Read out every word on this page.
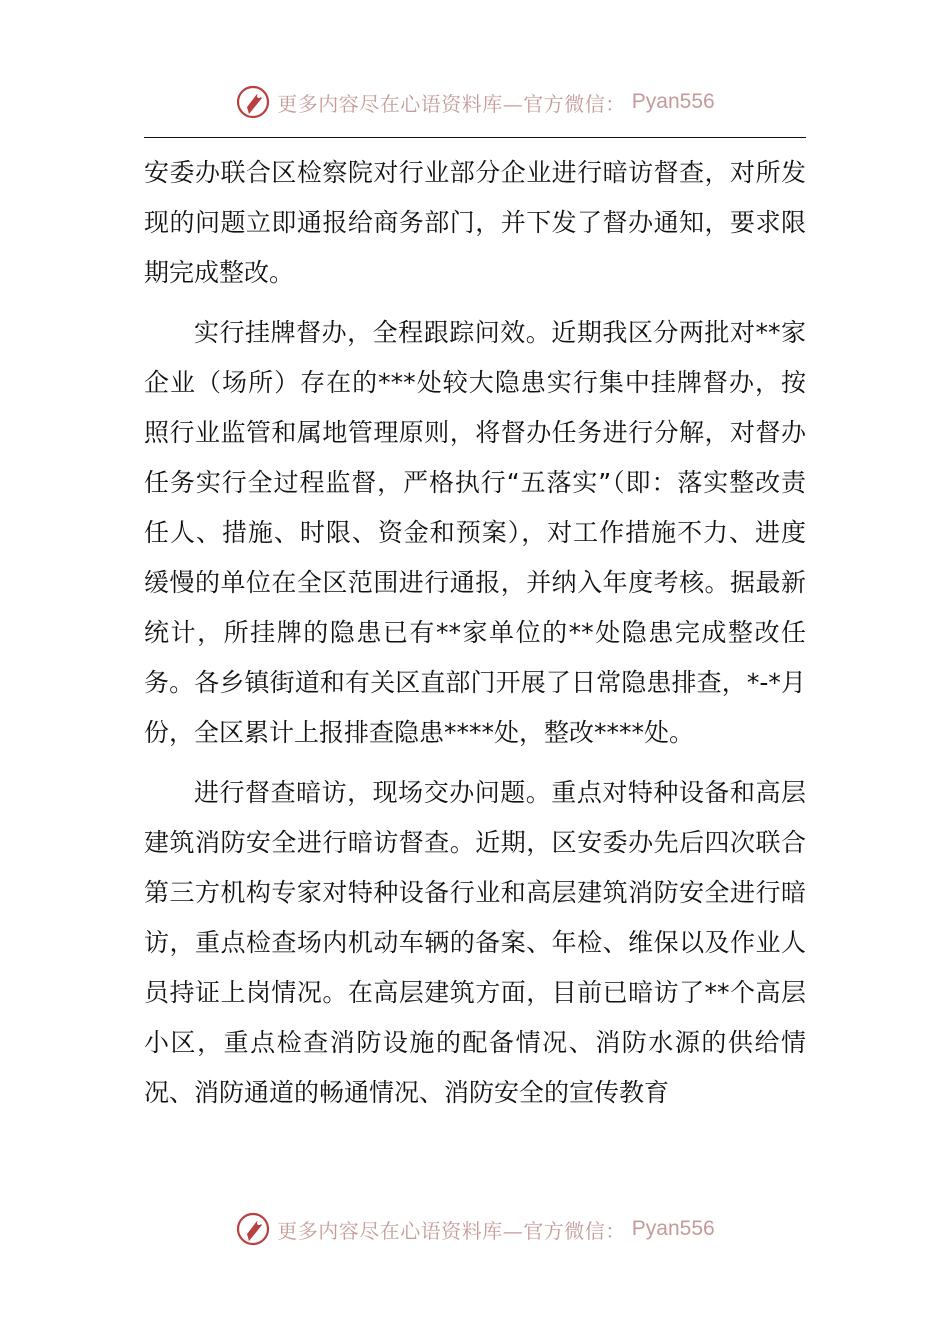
更多内容尽在心语资料库—官方微信： Pyan556

安委办联合区检察院对行业部分企业进行暗访督查，对所发现的问题立即通报给商务部门，并下发了督办通知，要求限期完成整改。

实行挂牌督办，全程跟踪问效。近期我区分两批对**家企业（场所）存在的***处较大隐患实行集中挂牌督办，按照行业监管和属地管理原则，将督办任务进行分解，对督办任务实行全过程监督，严格执行“五落实”（即：落实整改责任人、措施、时限、资金和预案），对工作措施不力、进度缓慢的单位在全区范围进行通报，并纳入年度考核。据最新统计，所挂牌的隐患已有**家单位的**处隐患完成整改任务。各乡镇街道和有关区直部门开展了日常隐患排查，*-*月份，全区累计上报排查隐患****处，整改****处。

进行督查暗访，现场交办问题。重点对特种设备和高层建筑消防安全进行暗访督查。近期，区安委办先后四次联合第三方机构专家对特种设备行业和高层建筑消防安全进行暗访，重点检查场内机动车辆的备案、年检、维保以及作业人员持证上岗情况。在高层建筑方面，目前已暗访了**个高层小区，重点检查消防设施的配备情况、消防水源的供给情况、消防通道的畅通情况、消防安全的宣传教育

更多内容尽在心语资料库—官方微信： Pyan556
